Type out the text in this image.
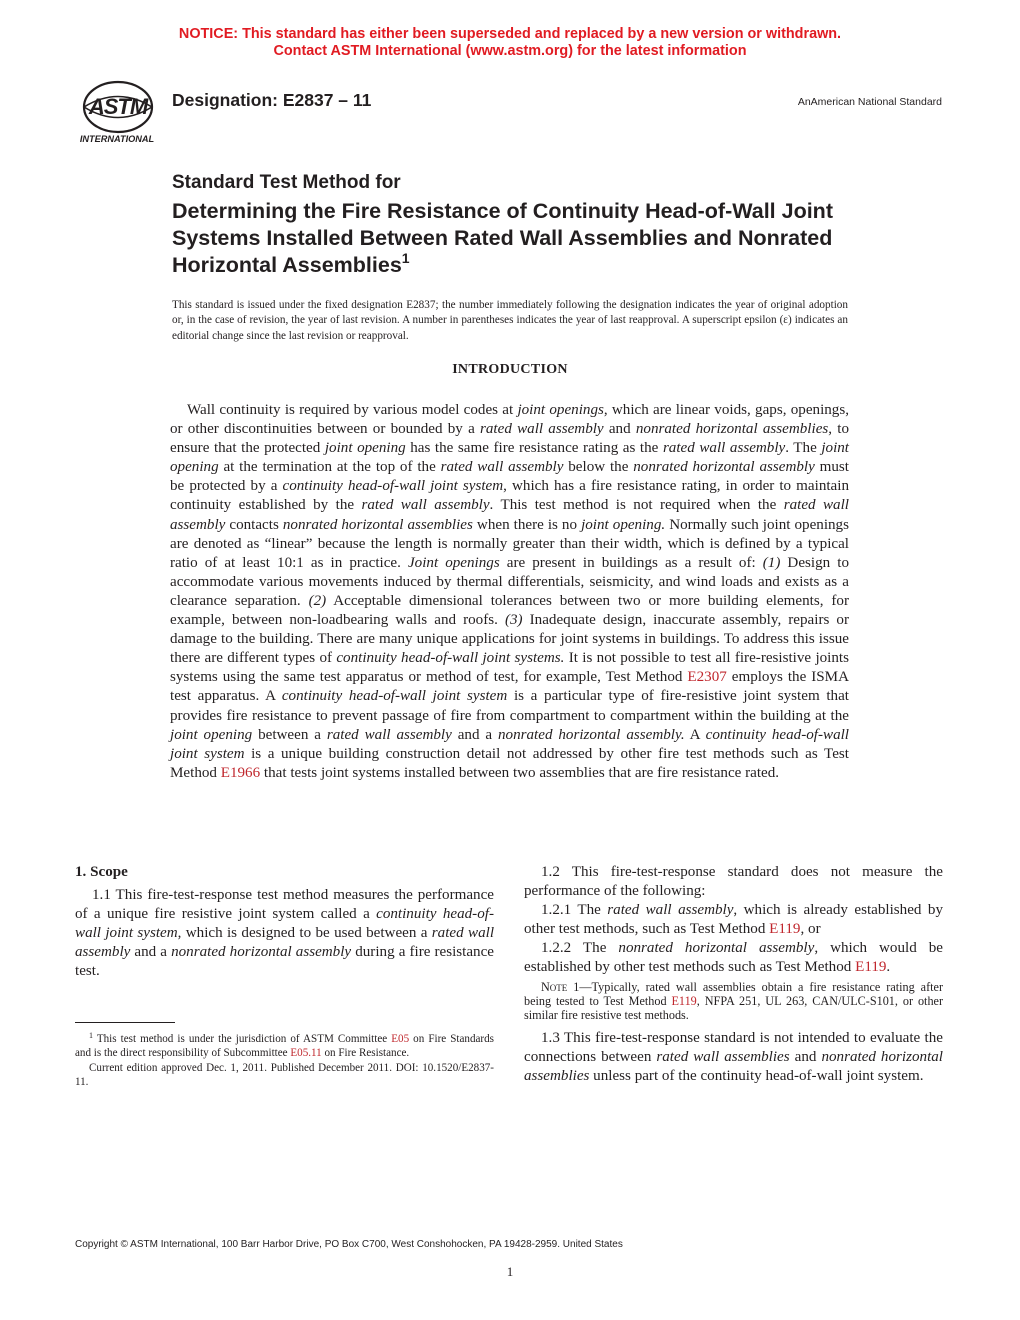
NOTICE: This standard has either been superseded and replaced by a new version or withdrawn.
Contact ASTM International (www.astm.org) for the latest information
ASTM
INTERNATIONAL
Designation: E2837 – 11	AnAmerican National Standard
Standard Test Method for
Determining the Fire Resistance of Continuity Head-of-Wall Joint Systems Installed Between Rated Wall Assemblies and Nonrated Horizontal Assemblies$^1$
This standard is issued under the fixed designation E2837; the number immediately following the designation indicates the year of original adoption or, in the case of revision, the year of last revision. A number in parentheses indicates the year of last reapproval. A superscript epsilon (ε) indicates an editorial change since the last revision or reapproval.
INTRODUCTION

Wall continuity is required by various model codes at joint openings, which are linear voids, gaps, openings, or other discontinuities between or bounded by a rated wall assembly and nonrated horizontal assemblies, to ensure that the protected joint opening has the same fire resistance rating as the rated wall assembly. The joint opening at the termination at the top of the rated wall assembly below the nonrated horizontal assembly must be protected by a continuity head-of-wall joint system, which has a fire resistance rating, in order to maintain continuity established by the rated wall assembly. This test method is not required when the rated wall assembly contacts nonrated horizontal assemblies when there is no joint opening. Normally such joint openings are denoted as “linear” because the length is normally greater than their width, which is defined by a typical ratio of at least 10:1 as in practice. Joint openings are present in buildings as a result of: (1) Design to accommodate various movements induced by thermal differentials, seismicity, and wind loads and exists as a clearance separation. (2) Acceptable dimensional tolerances between two or more building elements, for example, between non-loadbearing walls and roofs. (3) Inadequate design, inaccurate assembly, repairs or damage to the building. There are many unique applications for joint systems in buildings. To address this issue there are different types of continuity head-of-wall joint systems. It is not possible to test all fire-resistive joints systems using the same test apparatus or method of test, for example, Test Method E2307 employs the ISMA test apparatus. A continuity head-of-wall joint system is a particular type of fire-resistive joint system that provides fire resistance to prevent passage of fire from compartment to compartment within the building at the joint opening between a rated wall assembly and a nonrated horizontal assembly. A continuity head-of-wall joint system is a unique building construction detail not addressed by other fire test methods such as Test Method E1966 that tests joint systems installed between two assemblies that are fire resistance rated.

1. Scope

1.1 This fire-test-response test method measures the performance of a unique fire resistive joint system called a continuity head-of-wall joint system, which is designed to be used between a rated wall assembly and a nonrated horizontal assembly during a fire resistance test.

1.2 This fire-test-response standard does not measure the performance of the following:

1.2.1 The rated wall assembly, which is already established by other test methods, such as Test Method E119, or

1.2.2 The nonrated horizontal assembly, which would be established by other test methods such as Test Method E119.

Note 1—Typically, rated wall assemblies obtain a fire resistance rating after being tested to Test Method E119, NFPA 251, UL 263, CAN/ULC-S101, or other similar fire resistive test methods.

1.3 This fire-test-response standard is not intended to evaluate the connections between rated wall assemblies and nonrated horizontal assemblies unless part of the continuity head-of-wall joint system.

$^1$ This test method is under the jurisdiction of ASTM Committee E05 on Fire Standards and is the direct responsibility of Subcommittee E05.11 on Fire Resistance.

Current edition approved Dec. 1, 2011. Published December 2011. DOI: 10.1520/E2837-11.

Copyright © ASTM International, 100 Barr Harbor Drive, PO Box C700, West Conshohocken, PA 19428-2959. United States
1
